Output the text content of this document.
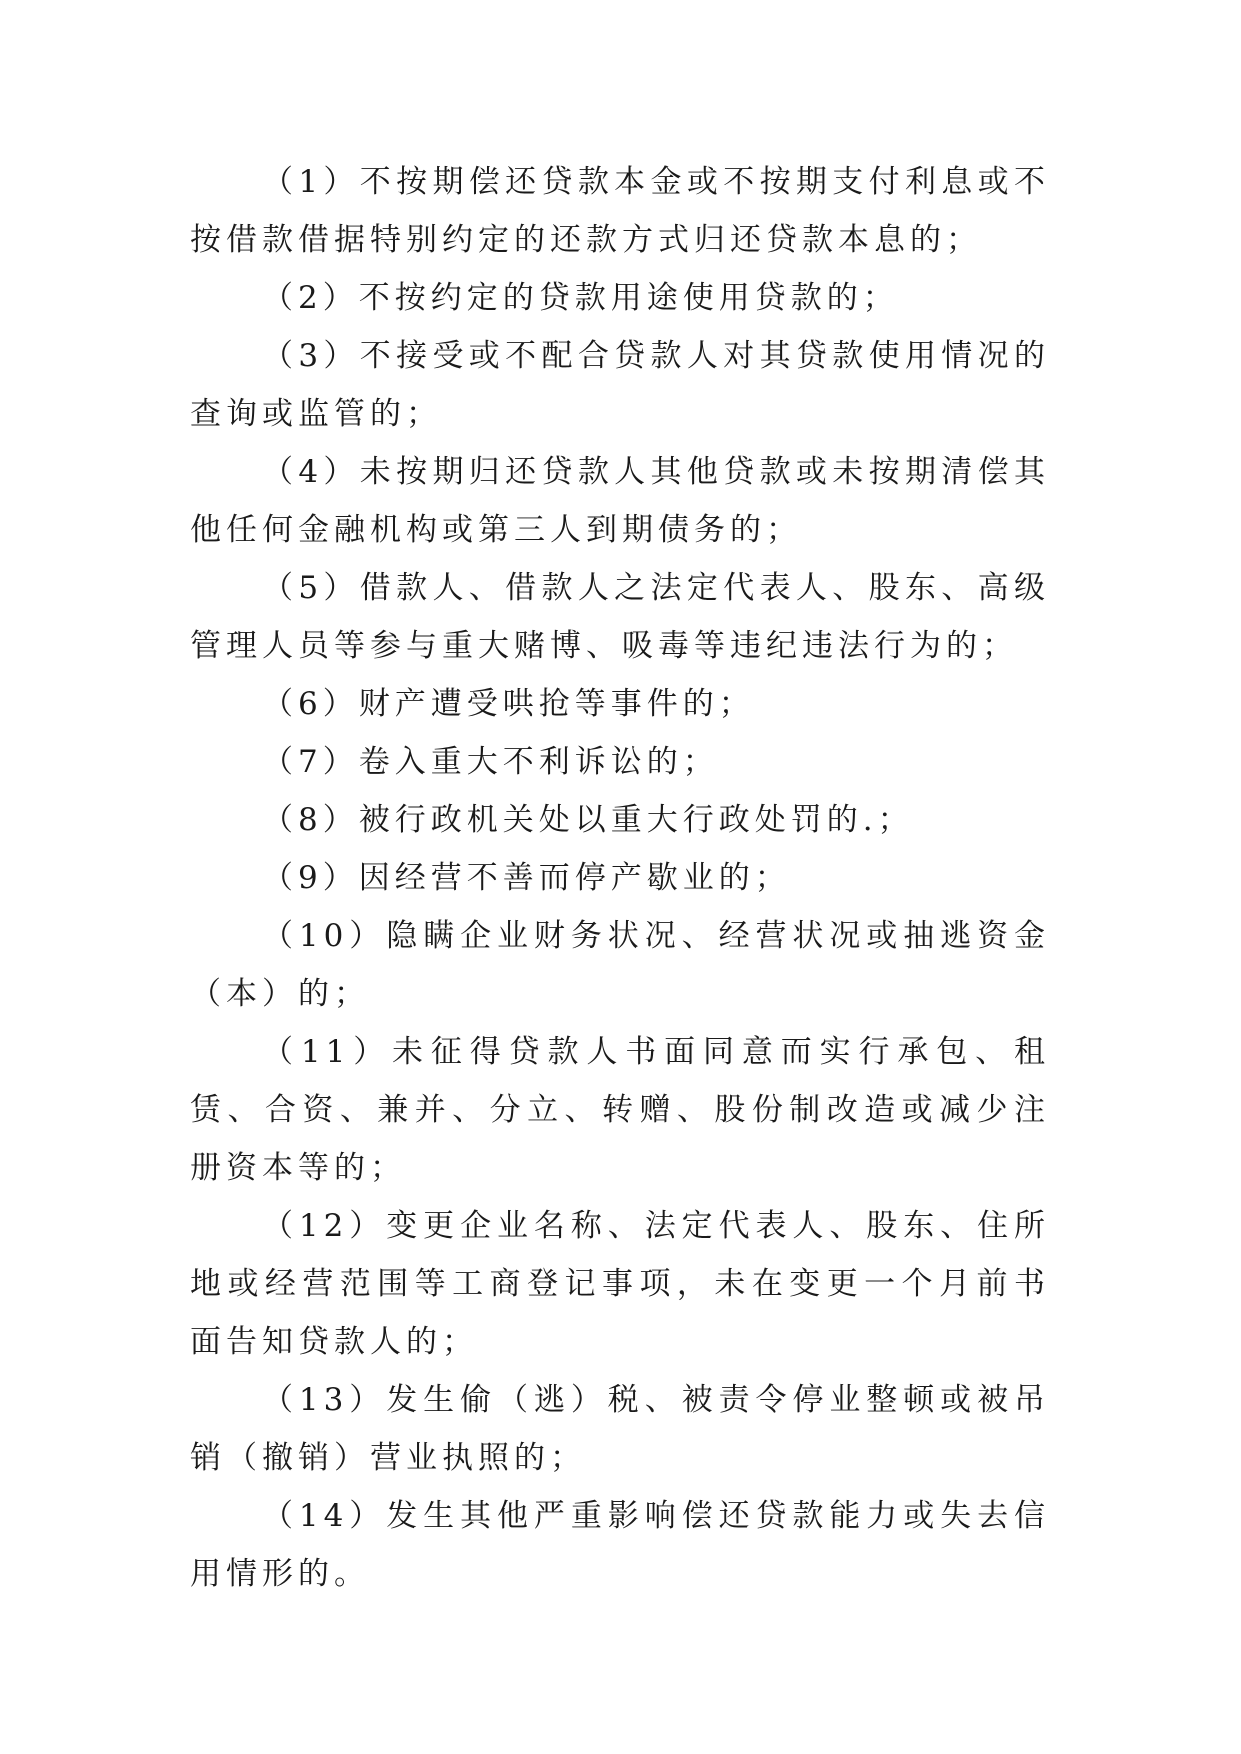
（1）不按期偿还贷款本金或不按期支付利息或不按借款借据特别约定的还款方式归还贷款本息的；

（2）不按约定的贷款用途使用贷款的；

（3）不接受或不配合贷款人对其贷款使用情况的查询或监管的；

（4）未按期归还贷款人其他贷款或未按期清偿其他任何金融机构或第三人到期债务的；

（5）借款人、借款人之法定代表人、股东、高级管理人员等参与重大赌博、吸毒等违纪违法行为的；

（6）财产遭受哄抢等事件的；

（7）卷入重大不利诉讼的；

（8）被行政机关处以重大行政处罚的.；

（9）因经营不善而停产歇业的；

（10）隐瞒企业财务状况、经营状况或抽逃资金（本）的；

（11）未征得贷款人书面同意而实行承包、租赁、合资、兼并、分立、转赠、股份制改造或减少注册资本等的；

（12）变更企业名称、法定代表人、股东、住所地或经营范围等工商登记事项，未在变更一个月前书面告知贷款人的；

（13）发生偷（逃）税、被责令停业整顿或被吊销（撤销）营业执照的；

（14）发生其他严重影响偿还贷款能力或失去信用情形的。
